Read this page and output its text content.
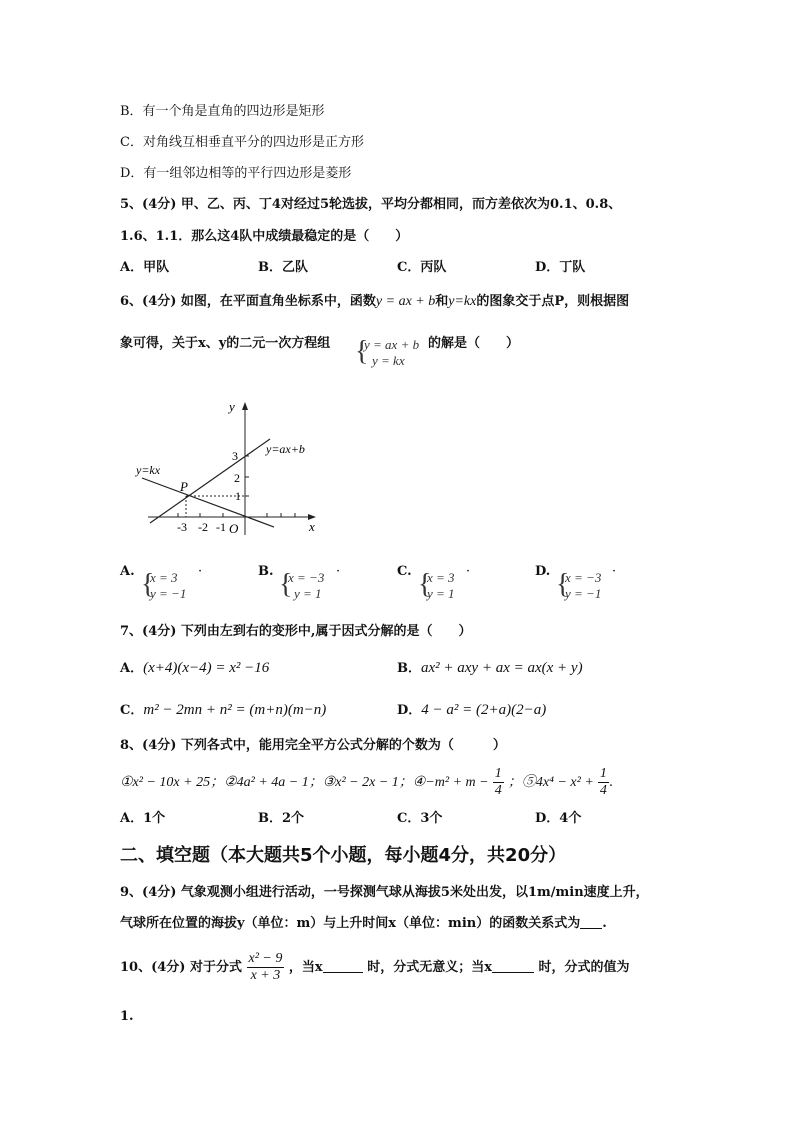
B．有一个角是直角的四边形是矩形
C．对角线互相垂直平分的四边形是正方形
D．有一组邻边相等的平行四边形是菱形
5、(4分) 甲、乙、丙、丁4对经过5轮选拔，平均分都相同，而方差依次为0.1、0.8、
1.6、1.1．那么这4队中成绩最稳定的是（　　）
A．甲队	B．乙队	C．丙队	D．丁队
6、(4分) 如图，在平面直角坐标系中，函数y = ax + b和y=kx的图象交于点P，则根据图
象可得，关于x、y的二元一次方程组 {
y = ax + b
y = kx
的解是（　　）
y
x
O
y=ax+b
y=kx
P
3
2
1
-3 -2 -1
A. {
x = 3
y = −1
·	B. {
x = −3
y = 1
·	C. {
x = 3
y = 1
·	D. {
x = −3
y = −1
·
7、(4分) 下列由左到右的变形中,属于因式分解的是（　　）
A．(x+4)(x−4) = x² −16	B．ax² + axy + ax = ax(x + y)
C．m² − 2mn + n² = (m+n)(m−n)	D．4 − a² = (2+a)(2−a)
8、(4分) 下列各式中，能用完全平方公式分解的个数为（　　　）
①x² − 10x + 25；②4a² + 4a − 1；③x² − 2x − 1；④−m² + $m - \frac{1}{4}$ ；⑤4x⁴ − $x^2 + \frac{1}{4}$ .
A．1个	B．2个	C．3个	D．4个
二、填空题（本大题共5个小题，每小题4分，共20分）
9、(4分) 气象观测小组进行活动，一号探测气球从海拔5米处出发，以1m/min速度上升，
气球所在位置的海拔y（单位：m）与上升时间x（单位：min）的函数关系式为 .
10、(4分) 对于分式 $\frac{\text{x² − 9}}{x + 3}$ ，当x	时，分式无意义；当x	时，分式的值为
1.
